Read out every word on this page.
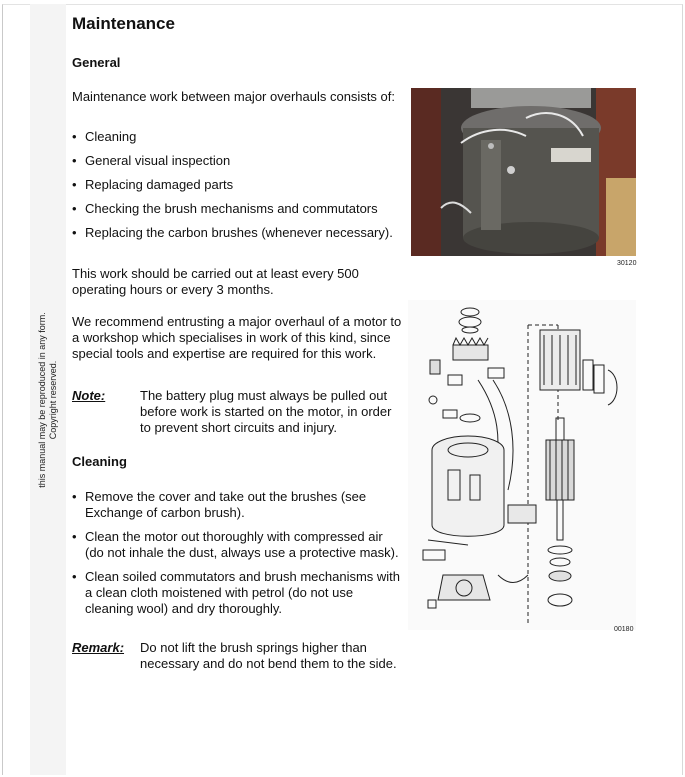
this manual may be reproduced in any form. Copyright reserved.
Maintenance
General
Maintenance work between major overhauls consists of:
• Cleaning
• General visual inspection
• Replacing damaged parts
• Checking the brush mechanisms and commutators
• Replacing the carbon brushes (whenever necessary).
This work should be carried out at least every 500 operating hours or every 3 months.
We recommend entrusting a major overhaul of a motor to a workshop which specialises in work of this kind, since special tools and expertise are required for this work.
Note:	The battery plug must always be pulled out before work is started on the motor, in order to prevent short circuits and injury.
Cleaning
• Remove the cover and take out the brushes (see Exchange of carbon brush).
• Clean the motor out thoroughly with compressed air (do not inhale the dust, always use a protective mask).
• Clean soiled commutators and brush mechanisms with a clean cloth moistened with petrol (do not use cleaning wool) and dry thoroughly.
Remark:	Do not lift the brush springs higher than necessary and do not bend them to the side.
30120
00180
